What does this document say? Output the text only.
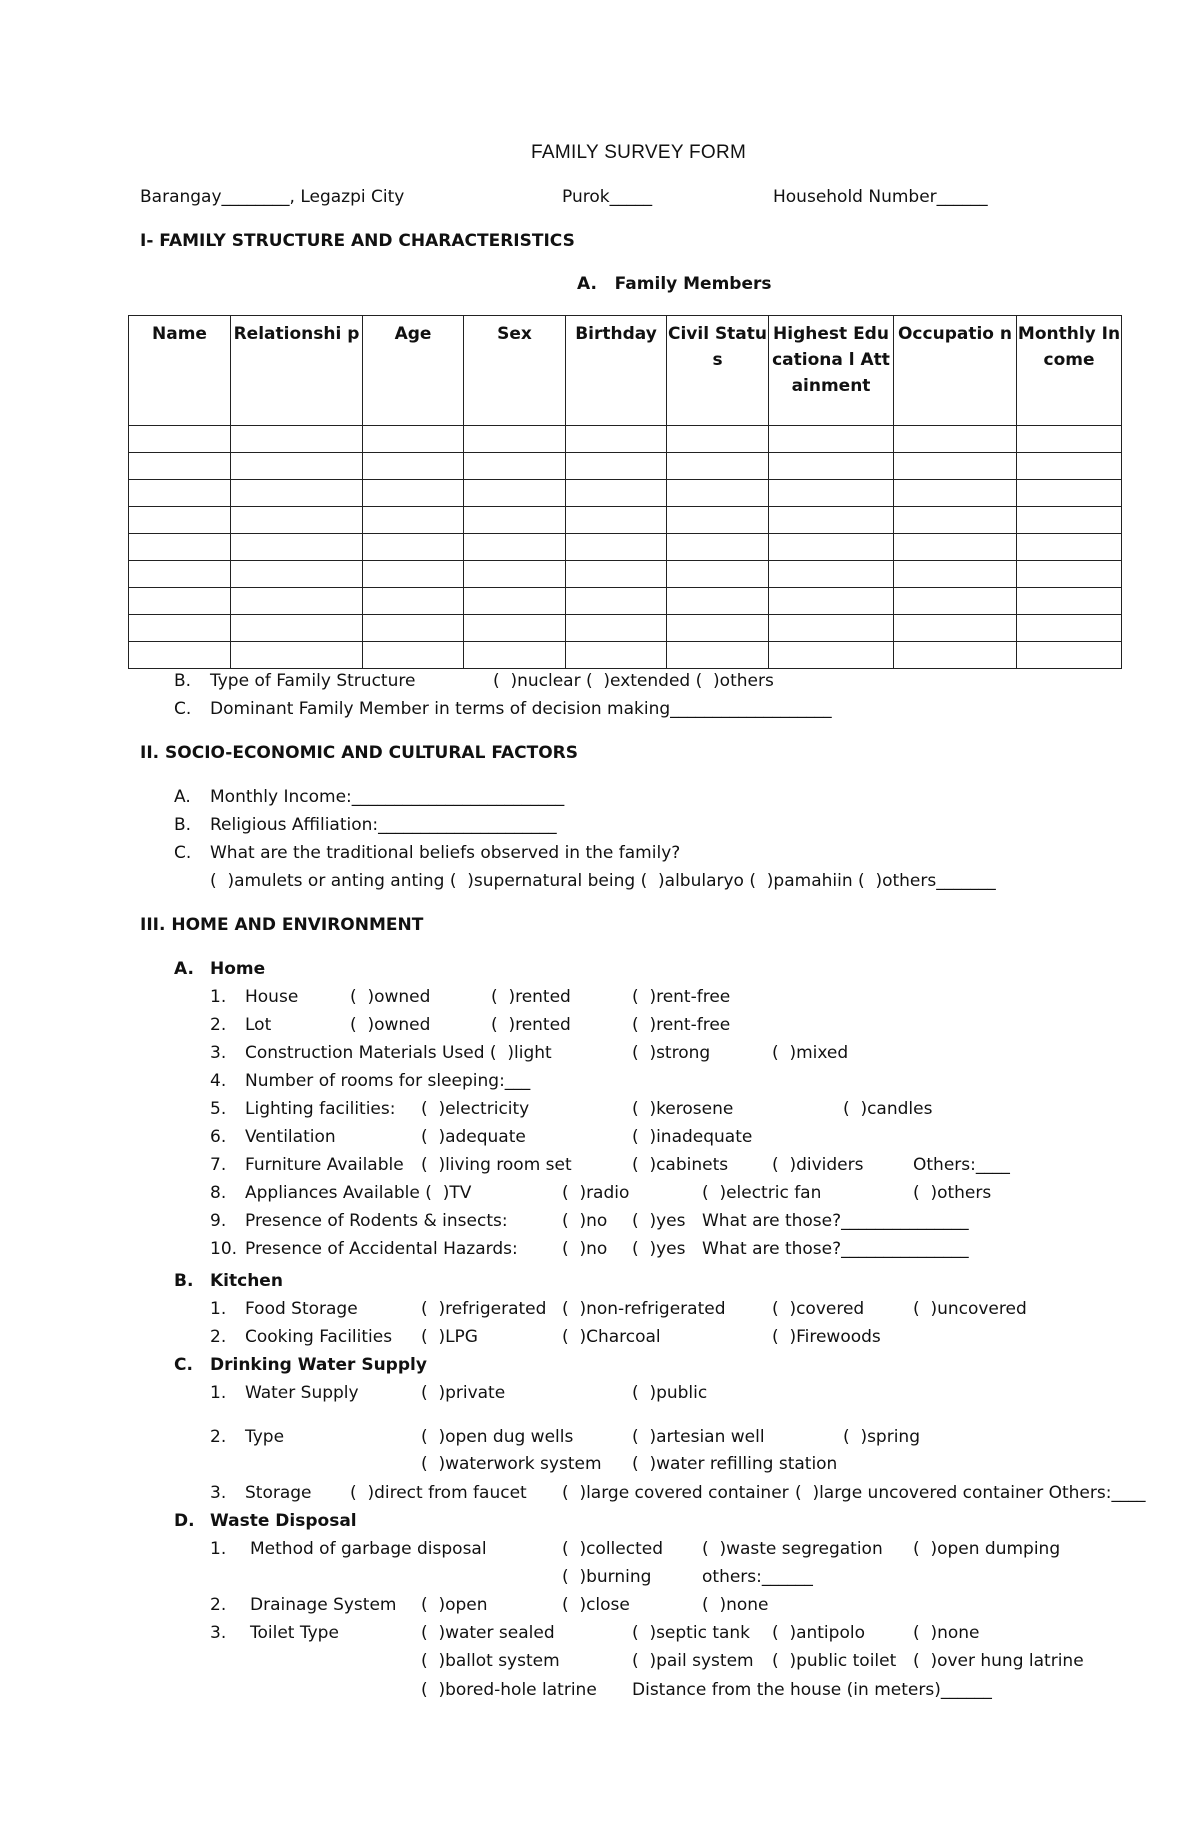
FAMILY SURVEY FORM
Barangay________, Legazpi City	Purok_____	Household Number______
I- FAMILY STRUCTURE AND CHARACTERISTICS
A.   Family Members
Name	Relationshi p	Age	Sex	Birthday	Civil Status	Highest Educationa l Attainment	Occupatio n	Monthly Income

B. Type of Family Structure	(  )nuclear (  )extended (  )others
C. Dominant Family Member in terms of decision making___________________
II. SOCIO-ECONOMIC AND CULTURAL FACTORS
A. Monthly Income:_________________________
B. Religious Affiliation:_____________________
C. What are the traditional beliefs observed in the family?
(  )amulets or anting anting (  )supernatural being (  )albularyo (  )pamahiin (  )others_______
III. HOME AND ENVIRONMENT
A. Home
1. House	(  )owned	(  )rented	(  )rent-free
2. Lot	(  )owned	(  )rented	(  )rent-free
3. Construction Materials Used (  )light	(  )strong	(  )mixed
4. Number of rooms for sleeping:___
5. Lighting facilities: (  )electricity	(  )kerosene	(  )candles
6. Ventilation	(  )adequate	(  )inadequate
7. Furniture Available (  )living room set	(  )cabinets	(  )dividers	Others:____
8. Appliances Available (  )TV	(  )radio	(  )electric fan	(  )others
9. Presence of Rodents & insects:	(  )no (  )yes What are those?_______________
10. Presence of Accidental Hazards:	(  )no (  )yes What are those?_______________
1. Food Storage	(  )refrigerated (  )non-refrigerated	(  )covered	(  )uncovered
2. Cooking Facilities (  )LPG	(  )Charcoal	(  )Firewoods
1. Water Supply	(  )private	(  )public
2. Type	(  )open dug wells	(  )artesian well	(  )spring
(  )waterwork system (  )water refilling station
3. Storage (  )direct from faucet (  )large covered container (  )large uncovered container Others:____
1. Method of garbage disposal	(  )collected (  )waste segregation (  )open dumping
(  )burning	others:______
2. Drainage System (  )open	(  )close	(  )none
3. Toilet Type	(  )water sealed	(  )septic tank (  )antipolo	(  )none
(  )ballot system	(  )pail system (  )public toilet (  )over hung latrine
(  )bored-hole latrine Distance from the house (in meters)______
B. Kitchen
C. Drinking Water Supply
D. Waste Disposal
